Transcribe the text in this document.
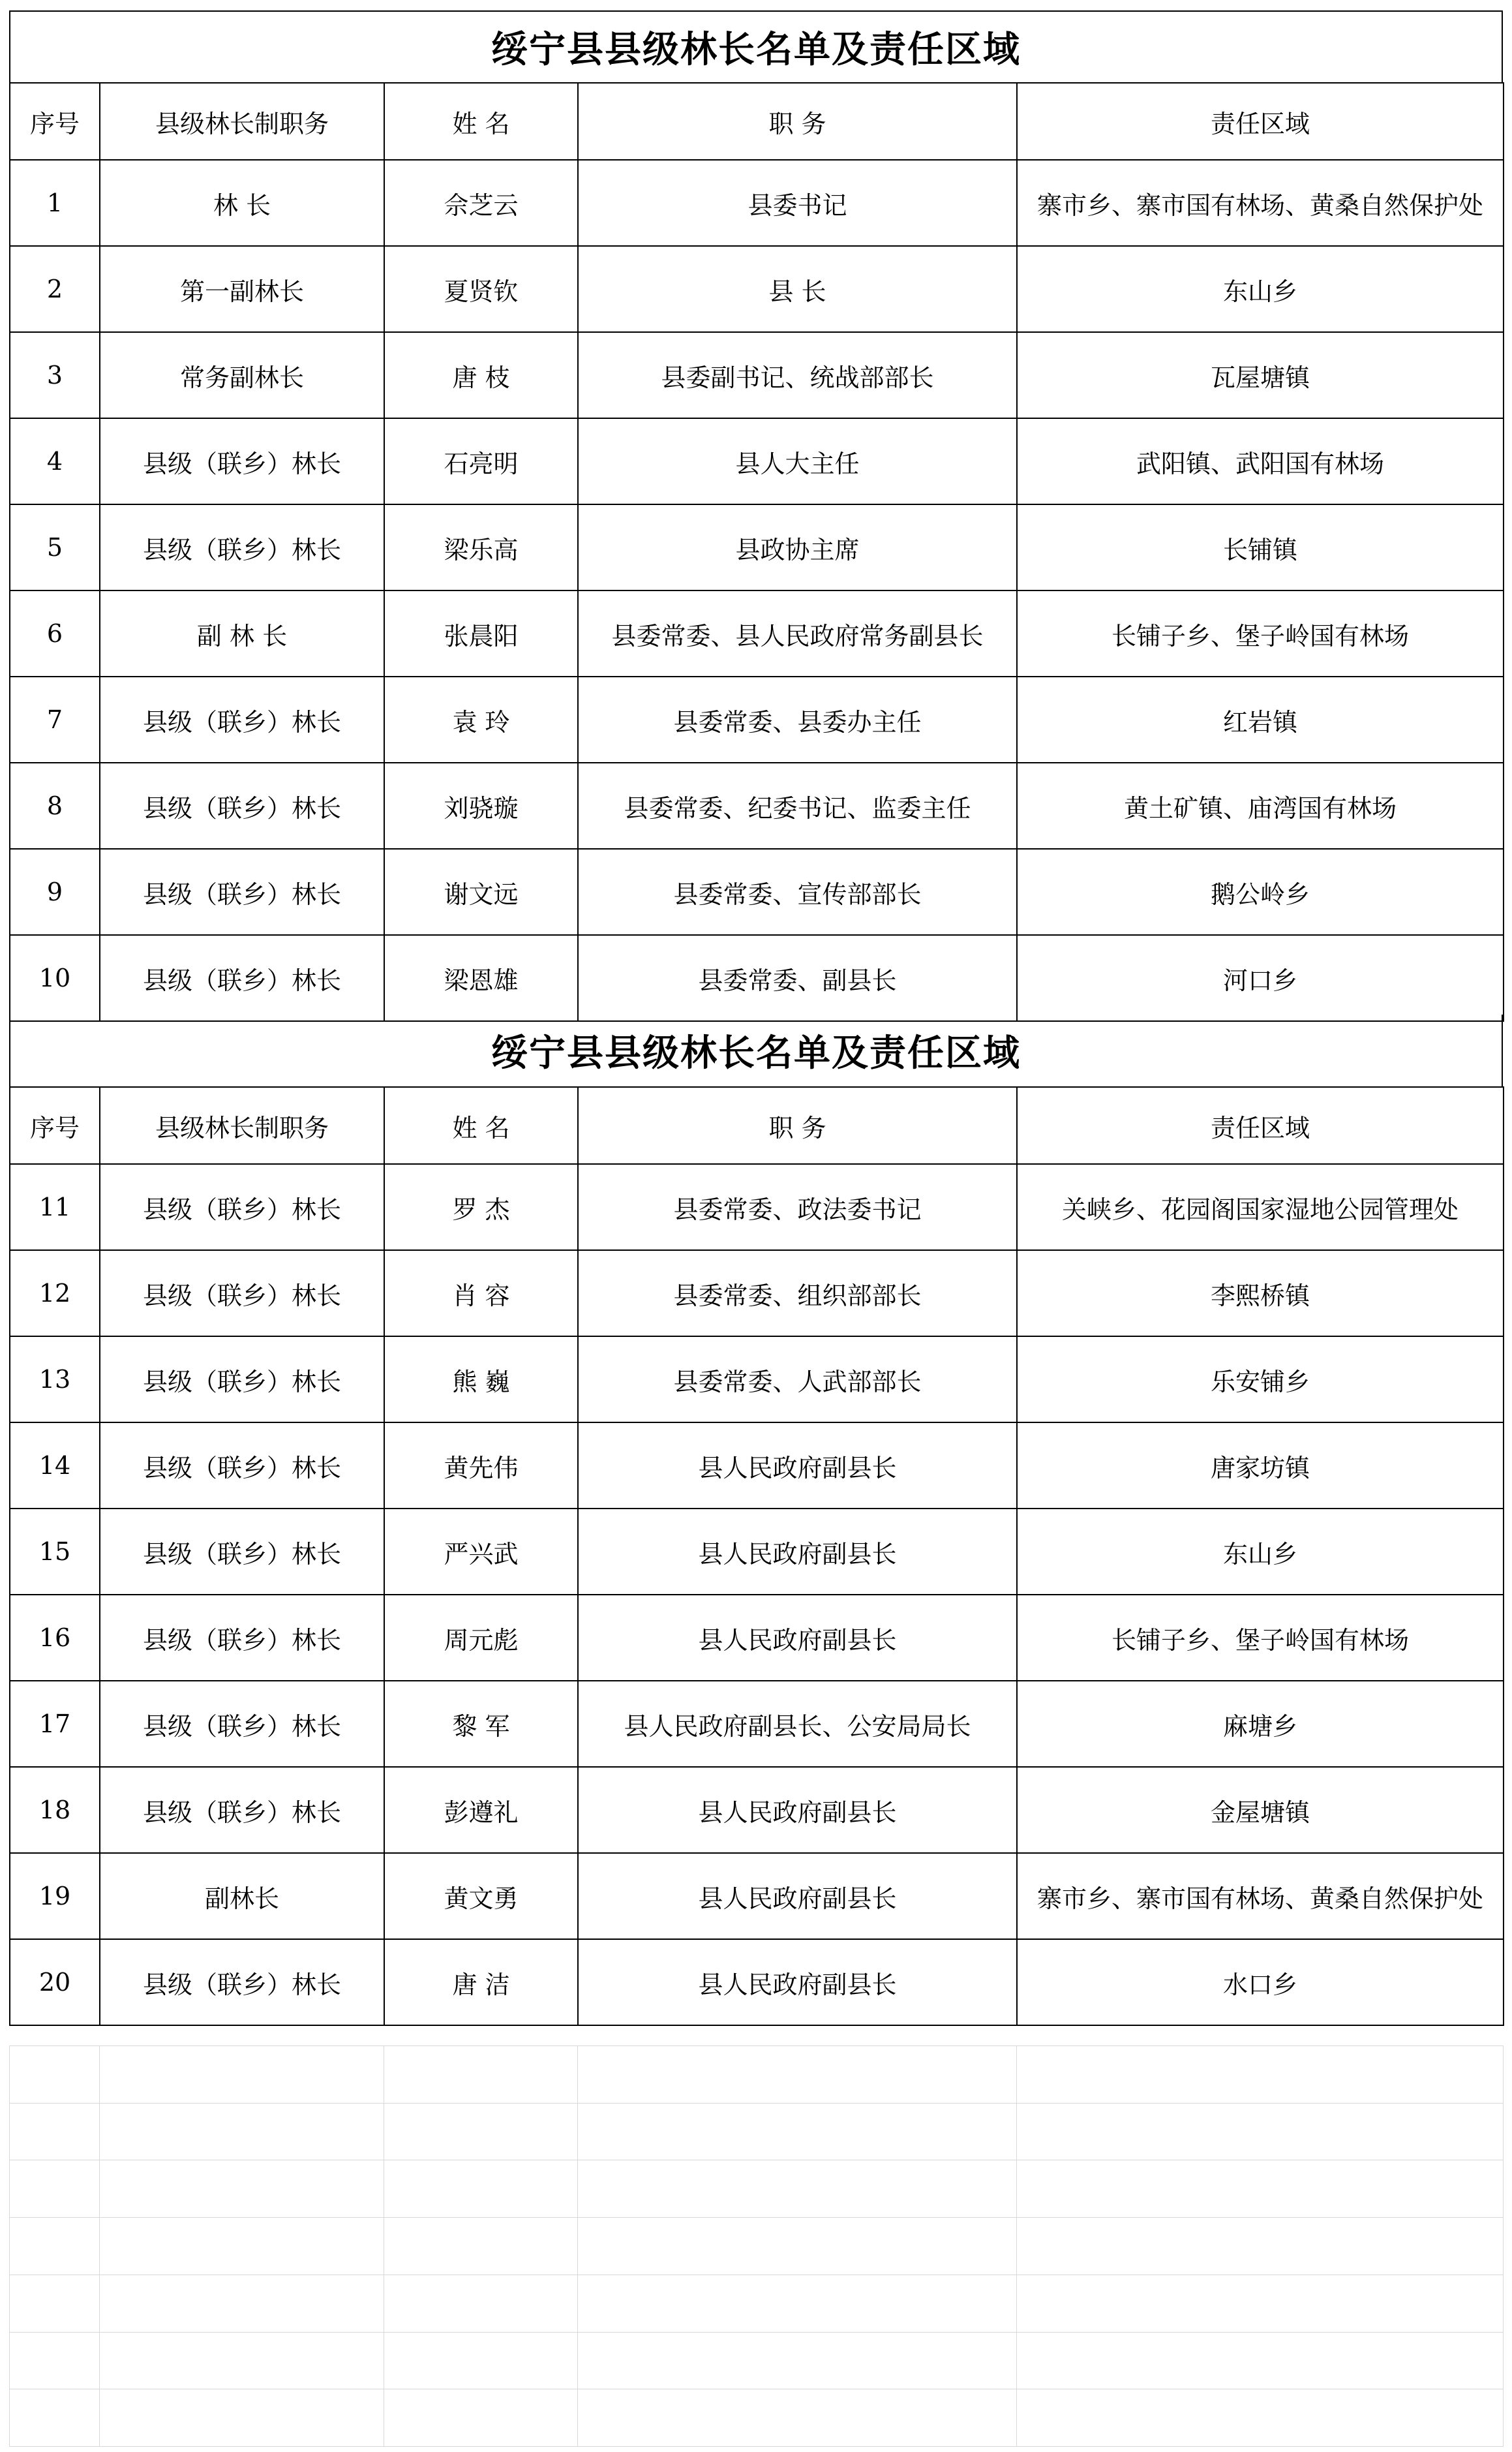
绥宁县县级林长名单及责任区域
序号	县级林长制职务	姓 名	职 务	责任区域
1	林 长	佘芝云	县委书记	寨市乡、寨市国有林场、黄桑自然保护处
2	第一副林长	夏贤钦	县 长	东山乡
3	常务副林长	唐 枝	县委副书记、统战部部长	瓦屋塘镇
4	县级（联乡）林长	石亮明	县人大主任	武阳镇、武阳国有林场
5	县级（联乡）林长	梁乐高	县政协主席	长铺镇
6	副 林 长	张晨阳	县委常委、县人民政府常务副县长	长铺子乡、堡子岭国有林场
7	县级（联乡）林长	袁 玲	县委常委、县委办主任	红岩镇
8	县级（联乡）林长	刘骁璇	县委常委、纪委书记、监委主任	黄土矿镇、庙湾国有林场
9	县级（联乡）林长	谢文远	县委常委、宣传部部长	鹅公岭乡
10	县级（联乡）林长	梁恩雄	县委常委、副县长	河口乡
绥宁县县级林长名单及责任区域
序号	县级林长制职务	姓 名	职 务	责任区域
11	县级（联乡）林长	罗 杰	县委常委、政法委书记	关峡乡、花园阁国家湿地公园管理处
12	县级（联乡）林长	肖 容	县委常委、组织部部长	李熙桥镇
13	县级（联乡）林长	熊 巍	县委常委、人武部部长	乐安铺乡
14	县级（联乡）林长	黄先伟	县人民政府副县长	唐家坊镇
15	县级（联乡）林长	严兴武	县人民政府副县长	东山乡
16	县级（联乡）林长	周元彪	县人民政府副县长	长铺子乡、堡子岭国有林场
17	县级（联乡）林长	黎 军	县人民政府副县长、公安局局长	麻塘乡
18	县级（联乡）林长	彭遵礼	县人民政府副县长	金屋塘镇
19	副林长	黄文勇	县人民政府副县长	寨市乡、寨市国有林场、黄桑自然保护处
20	县级（联乡）林长	唐 洁	县人民政府副县长	水口乡
